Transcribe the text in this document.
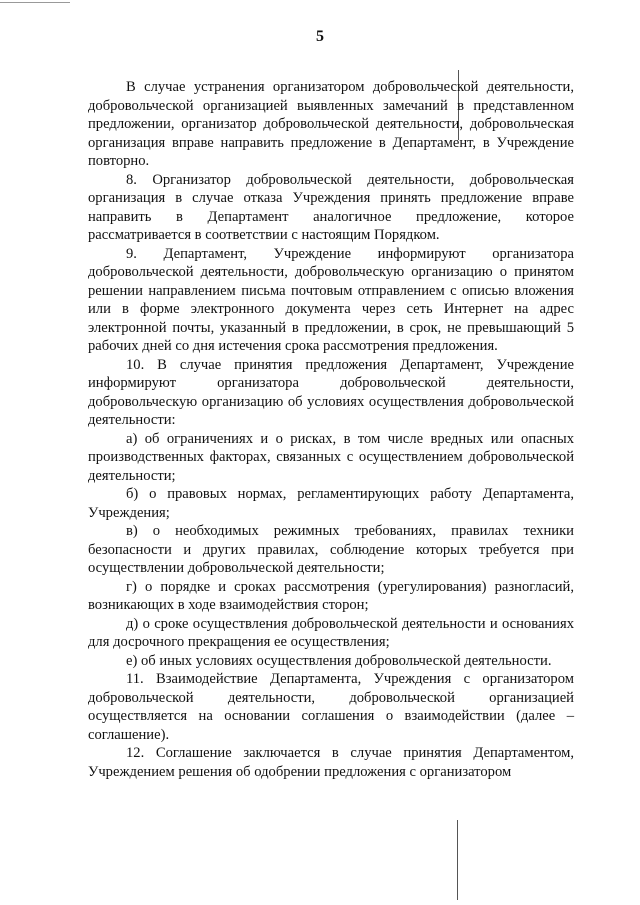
5

В случае устранения организатором добровольческой деятельности, добровольческой организацией выявленных замечаний в представленном предложении, организатор добровольческой деятельности, добровольческая организация вправе направить предложение в Департамент, в Учреждение повторно.

8. Организатор добровольческой деятельности, добровольческая организация в случае отказа Учреждения принять предложение вправе направить в Департамент аналогичное предложение, которое рассматривается в соответствии с настоящим Порядком.

9. Департамент, Учреждение информируют организатора добровольческой деятельности, добровольческую организацию о принятом решении направлением письма почтовым отправлением с описью вложения или в форме электронного документа через сеть Интернет на адрес электронной почты, указанный в предложении, в срок, не превышающий 5 рабочих дней со дня истечения срока рассмотрения предложения.

10. В случае принятия предложения Департамент, Учреждение информируют организатора добровольческой деятельности, добровольческую организацию об условиях осуществления добровольческой деятельности:

а) об ограничениях и о рисках, в том числе вредных или опасных производственных факторах, связанных с осуществлением добровольческой деятельности;

б) о правовых нормах, регламентирующих работу Департамента, Учреждения;

в) о необходимых режимных требованиях, правилах техники безопасности и других правилах, соблюдение которых требуется при осуществлении добровольческой деятельности;

г) о порядке и сроках рассмотрения (урегулирования) разногласий, возникающих в ходе взаимодействия сторон;

д) о сроке осуществления добровольческой деятельности и основаниях для досрочного прекращения ее осуществления;

е) об иных условиях осуществления добровольческой деятельности.

11. Взаимодействие Департамента, Учреждения с организатором добровольческой деятельности, добровольческой организацией осуществляется на основании соглашения о взаимодействии (далее – соглашение).

12. Соглашение заключается в случае принятия Департаментом, Учреждением решения об одобрении предложения с организатором
